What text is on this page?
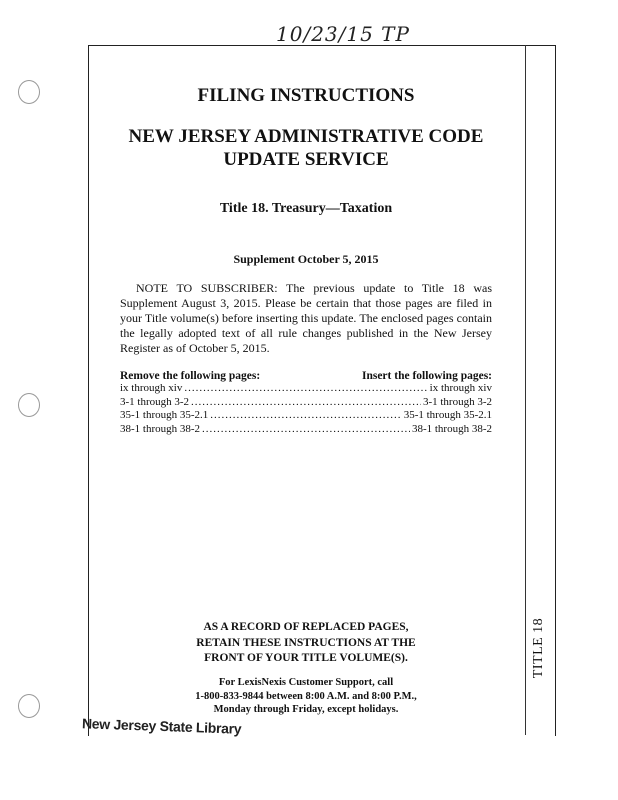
10/23/15 TP

FILING INSTRUCTIONS

NEW JERSEY ADMINISTRATIVE CODE

UPDATE SERVICE

Title 18. Treasury—Taxation
Supplement October 5, 2015
NOTE TO SUBSCRIBER: The previous update to Title 18 was Supplement August 3, 2015. Please be certain that those pages are filed in your Title volume(s) before inserting this update. The enclosed pages contain the legally adopted text of all rule changes published in the New Jersey Register as of October 5, 2015.
Remove the following pages:	Insert the following pages:
ix through xiv .....	ix through xiv
3-1 through 3-2 .....	3-1 through 3-2
35-1 through 35-2.1 .....	35-1 through 35-2.1
38-1 through 38-2 .....	38-1 through 38-2
AS A RECORD OF REPLACED PAGES,
RETAIN THESE INSTRUCTIONS AT THE
FRONT OF YOUR TITLE VOLUME(S).
For LexisNexis Customer Support, call
1-800-833-9844 between 8:00 A.M. and 8:00 P.M.,
Monday through Friday, except holidays.
TITLE 18
New Jersey State Library
